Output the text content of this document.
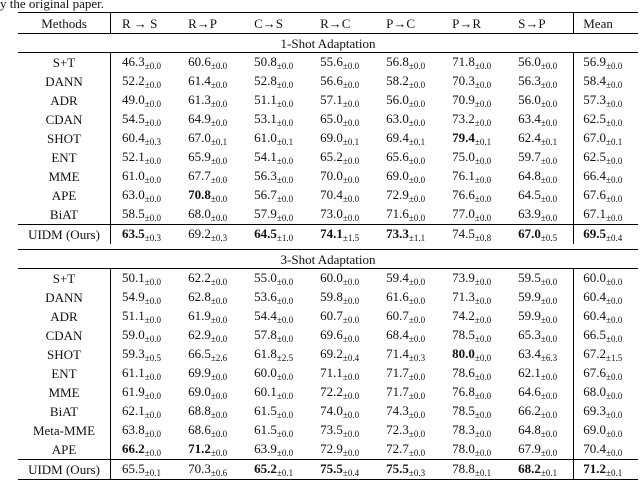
y the original paper.
Methods	R → S	R→P	C→S	R→C	P→C	P→R	S→P	Mean
1-Shot Adaptation								
S+T	$46.3_{\pm 0.0}$	$60.6_{\pm 0.0}$	$50.8_{\pm 0.0}$	$55.6_{\pm 0.0}$	$56.8_{\pm 0.0}$	$71.8_{\pm 0.0}$	$56.0_{\pm 0.0}$	$56.9_{\pm 0.0}$
DANN	$52.2_{\pm 0.0}$	$61.4_{\pm 0.0}$	$52.8_{\pm 0.0}$	$56.6_{\pm 0.0}$	$58.2_{\pm 0.0}$	$70.3_{\pm 0.0}$	$56.3_{\pm 0.0}$	$58.4_{\pm 0.0}$
ADR	$49.0_{\pm 0.0}$	$61.3_{\pm 0.0}$	$51.1_{\pm 0.0}$	$57.1_{\pm 0.0}$	$56.0_{\pm 0.0}$	$70.9_{\pm 0.0}$	$56.0_{\pm 0.0}$	$57.3_{\pm 0.0}$
CDAN	$54.5_{\pm 0.0}$	$64.9_{\pm 0.0}$	$53.1_{\pm 0.0}$	$65.0_{\pm 0.0}$	$63.0_{\pm 0.0}$	$73.2_{\pm 0.0}$	$63.4_{\pm 0.0}$	$62.5_{\pm 0.0}$
SHOT	$60.4_{\pm 0.3}$	$67.0_{\pm 0.1}$	$61.0_{\pm 0.1}$	$69.0_{\pm 0.1}$	$69.4_{\pm 0.1}$	$79.4_{\pm 0.1}$	$62.4_{\pm 0.1}$	$67.0_{\pm 0.1}$
ENT	$52.1_{\pm 0.0}$	$65.9_{\pm 0.0}$	$54.1_{\pm 0.0}$	$65.2_{\pm 0.0}$	$65.6_{\pm 0.0}$	$75.0_{\pm 0.0}$	$59.7_{\pm 0.0}$	$62.5_{\pm 0.0}$
MME	$61.0_{\pm 0.0}$	$67.7_{\pm 0.0}$	$56.3_{\pm 0.0}$	$70.0_{\pm 0.0}$	$69.0_{\pm 0.0}$	$76.1_{\pm 0.0}$	$64.8_{\pm 0.0}$	$66.4_{\pm 0.0}$
APE	$63.0_{\pm 0.0}$	$70.8_{\pm 0.0}$	$56.7_{\pm 0.0}$	$70.4_{\pm 0.0}$	$72.9_{\pm 0.0}$	$76.6_{\pm 0.0}$	$64.5_{\pm 0.0}$	$67.6_{\pm 0.0}$
BiAT	$58.5_{\pm 0.0}$	$68.0_{\pm 0.0}$	$57.9_{\pm 0.0}$	$73.0_{\pm 0.0}$	$71.6_{\pm 0.0}$	$77.0_{\pm 0.0}$	$63.9_{\pm 0.0}$	$67.1_{\pm 0.0}$
UIDM (Ours)	$63.5_{\pm 0.3}$	$69.2_{\pm 0.3}$	$64.5_{\pm 1.0}$	$74.1_{\pm 1.5}$	$73.3_{\pm 1.1}$	$74.5_{\pm 0.8}$	$67.0_{\pm 0.5}$	$69.5_{\pm 0.4}$

3-Shot Adaptation								
S+T	$50.1_{\pm 0.0}$	$62.2_{\pm 0.0}$	$55.0_{\pm 0.0}$	$60.0_{\pm 0.0}$	$59.4_{\pm 0.0}$	$73.9_{\pm 0.0}$	$59.5_{\pm 0.0}$	$60.0_{\pm 0.0}$
DANN	$54.9_{\pm 0.0}$	$62.8_{\pm 0.0}$	$53.6_{\pm 0.0}$	$59.8_{\pm 0.0}$	$61.6_{\pm 0.0}$	$71.3_{\pm 0.0}$	$59.9_{\pm 0.0}$	$60.4_{\pm 0.0}$
ADR	$51.1_{\pm 0.0}$	$61.9_{\pm 0.0}$	$54.4_{\pm 0.0}$	$60.7_{\pm 0.0}$	$60.7_{\pm 0.0}$	$74.2_{\pm 0.0}$	$59.9_{\pm 0.0}$	$60.4_{\pm 0.0}$
CDAN	$59.0_{\pm 0.0}$	$62.9_{\pm 0.0}$	$57.8_{\pm 0.0}$	$69.6_{\pm 0.0}$	$68.4_{\pm 0.0}$	$78.5_{\pm 0.0}$	$65.3_{\pm 0.0}$	$66.5_{\pm 0.0}$
SHOT	$59.3_{\pm 0.5}$	$66.5_{\pm 2.6}$	$61.8_{\pm 2.5}$	$69.2_{\pm 0.4}$	$71.4_{\pm 0.3}$	$80.0_{\pm 0.0}$	$63.4_{\pm 6.3}$	$67.2_{\pm 1.5}$
ENT	$61.1_{\pm 0.0}$	$69.9_{\pm 0.0}$	$60.0_{\pm 0.0}$	$71.1_{\pm 0.0}$	$71.7_{\pm 0.0}$	$78.6_{\pm 0.0}$	$62.1_{\pm 0.0}$	$67.6_{\pm 0.0}$
MME	$61.9_{\pm 0.0}$	$69.0_{\pm 0.0}$	$60.1_{\pm 0.0}$	$72.2_{\pm 0.0}$	$71.7_{\pm 0.0}$	$76.8_{\pm 0.0}$	$64.6_{\pm 0.0}$	$68.0_{\pm 0.0}$
BiAT	$62.1_{\pm 0.0}$	$68.8_{\pm 0.0}$	$61.5_{\pm 0.0}$	$74.0_{\pm 0.0}$	$74.3_{\pm 0.0}$	$78.5_{\pm 0.0}$	$66.2_{\pm 0.0}$	$69.3_{\pm 0.0}$
Meta-MME	$63.8_{\pm 0.0}$	$68.6_{\pm 0.0}$	$61.5_{\pm 0.0}$	$73.5_{\pm 0.0}$	$72.3_{\pm 0.0}$	$78.3_{\pm 0.0}$	$64.8_{\pm 0.0}$	$69.0_{\pm 0.0}$
APE	$66.2_{\pm 0.0}$	$71.2_{\pm 0.0}$	$63.9_{\pm 0.0}$	$72.9_{\pm 0.0}$	$72.7_{\pm 0.0}$	$78.0_{\pm 0.0}$	$67.9_{\pm 0.0}$	$70.4_{\pm 0.0}$
UIDM (Ours)	$65.5_{\pm 0.1}$	$70.3_{\pm 0.6}$	$65.2_{\pm 0.1}$	$75.5_{\pm 0.4}$	$75.5_{\pm 0.3}$	$78.8_{\pm 0.1}$	$68.2_{\pm 0.1}$	$71.2_{\pm 0.1}$
